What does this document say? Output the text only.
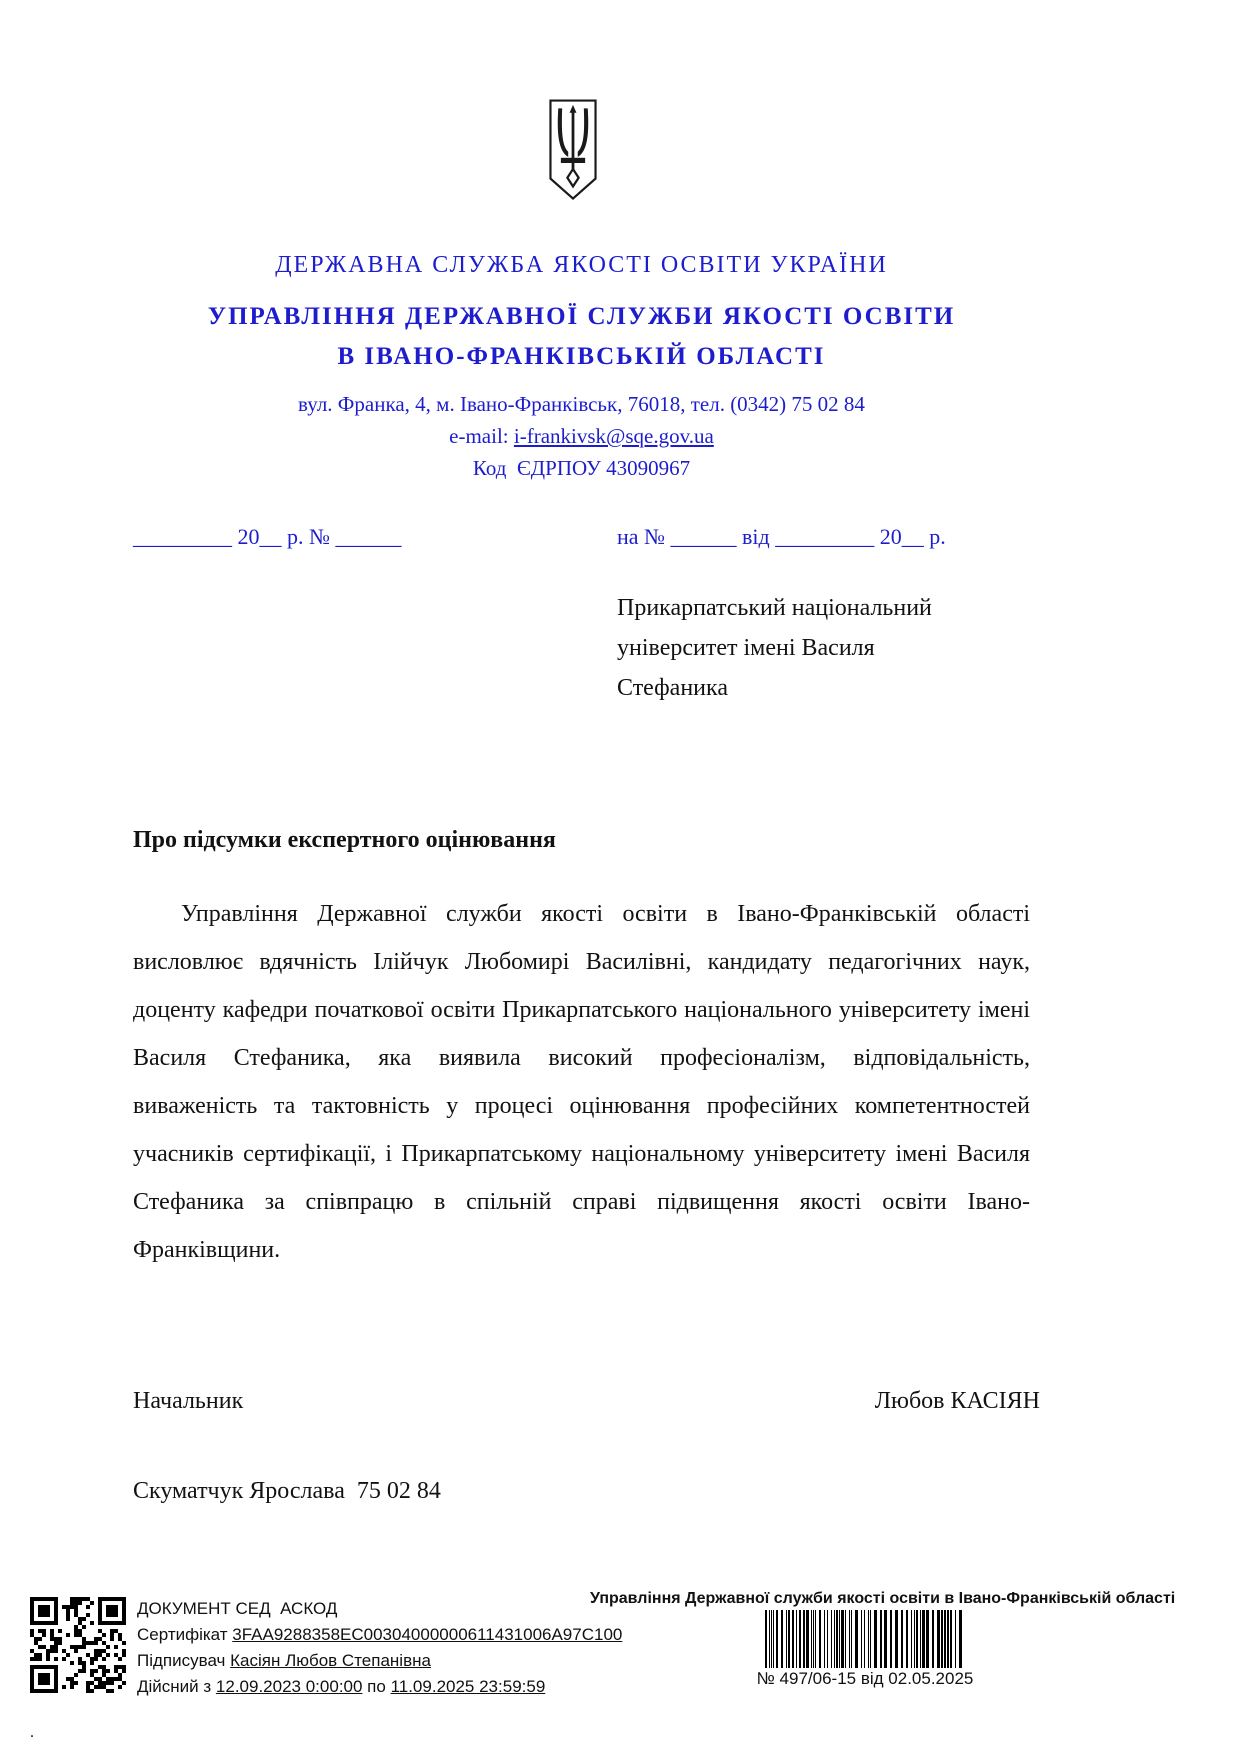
ДЕРЖАВНА СЛУЖБА ЯКОСТІ ОСВІТИ УКРАЇНИ
УПРАВЛІННЯ ДЕРЖАВНОЇ СЛУЖБИ ЯКОСТІ ОСВІТИ
В ІВАНО-ФРАНКІВСЬКІЙ ОБЛАСТІ
вул. Франка, 4, м. Івано-Франківськ, 76018, тел. (0342) 75 02 84
e-mail: i-frankivsk@sqe.gov.ua
Код  ЄДРПОУ 43090967
_________ 20__ р. № ______	на № ______ від _________ 20__ р.
Прикарпатський національний
університет імені Василя
Стефаника
Про підсумки експертного оцінювання
Управління Державної служби якості освіти в Івано-Франківській області висловлює вдячність Ілійчук Любомирі Василівні, кандидату педагогічних наук, доценту кафедри початкової освіти Прикарпатського національного університету імені Василя Стефаника, яка виявила високий професіоналізм, відповідальність, виваженість та тактовність у процесі оцінювання професійних компетентностей учасників сертифікації, і Прикарпатському національному університету імені Василя Стефаника за співпрацю в спільній справі підвищення якості освіти Івано-Франківщини.
Начальник	Любов КАСІЯН
Скуматчук Ярослава  75 02 84
ДОКУМЕНТ СЕД  АСКОД
Сертифікат 3FAA9288358EC00304000000611431006A97C100
Підписувач Касіян Любов Степанівна
Дійсний з 12.09.2023 0:00:00 по 11.09.2025 23:59:59
Управління Державної служби якості освіти в Івано-Франківській області
№ 497/06-15 від 02.05.2025
.
